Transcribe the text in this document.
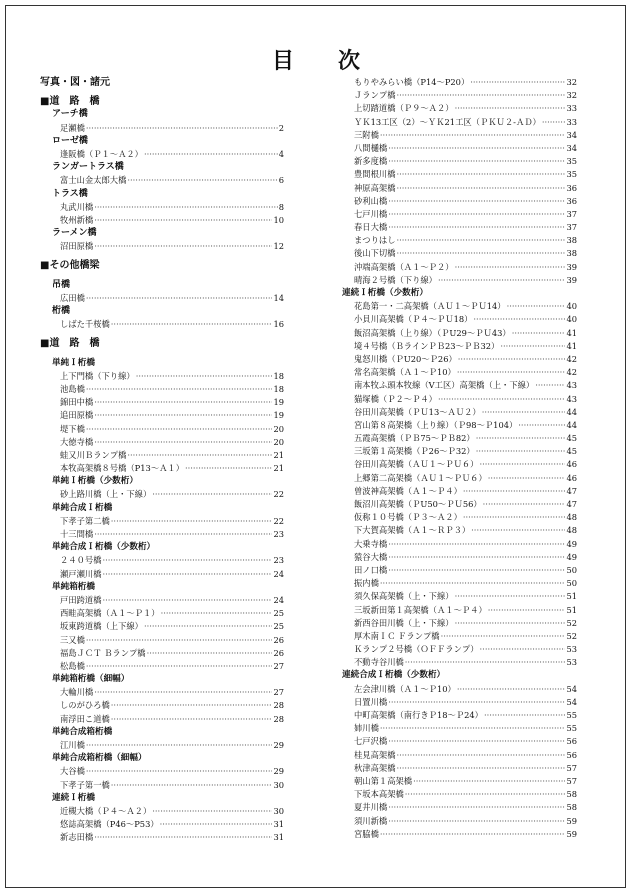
目 次
写真・図・諸元
■道　路　橋
アーチ橋
足瀬橋 ·····	2
ローゼ橋
逢阪橋（Ｐ１～Ａ２） ·····	4
ランガートラス橋
富士山金太郎大橋 ·····	6
トラス橋
丸武川橋 ·····	8
牧州新橋 ·····	10
ラーメン橋
沼田原橋 ·····	12
■その他橋梁
吊橋
広田橋 ·····	14
桁橋
しばた千桜橋 ·····	16
■道　路　橋
単純Ｉ桁橋
上下門橋（下り線） ·····	18
池島橋 ·····	18
錦田中橋 ·····	19
追田原橋 ·····	19
堤下橋 ·····	20
大徳寺橋 ·····	20
蛙又川Ｂランプ橋 ·····	21
本牧高架橋８号橋（P13～Ａ１） ·····	21
単純Ｉ桁橋（少数桁）
砂上路川橋（上・下線） ·····	22
単純合成Ｉ桁橋
下孝子第二橋 ·····	22
十三間橋 ·····	23
単純合成Ｉ桁橋（少数桁）
２４０号橋 ·····	23
瀬戸瀬川橋 ·····	24
単純箱桁橋
戸田跨道橋 ·····	24
西畦高架橋（Ａ１～Ｐ１） ·····	25
坂東跨道橋（上下線） ·····	25
三又橋 ·····	26
福島ＪＣＴ Ｂランプ橋 ·····	26
松島橋 ·····	27
単純箱桁橋（細幅）
大輪川橋 ·····	27
しのがひろ橋 ·····	28
南浮田こ道橋 ·····	28
単純合成箱桁橋
江川橋 ·····	29
単純合成箱桁橋（細幅）
大谷橋 ·····	29
下孝子第一橋 ·····	30
連続Ｉ桁橋
近槻大橋（Ｐ４～Ａ２） ·····	30
悠誌高架橋（P46～P53） ·····	31
新志田橋 ·····	31
もりやみらい橋（P14～P20） ·····	32
Ｊランプ橋 ·····	32
上切踏道橋（Ｐ９～Ａ２） ·····	33
ＹＫ13工区（2）～ＹＫ21工区（ＰＫＵ２-ＡＤ） ·····	33
三附橋 ·····	34
八間樋橋 ·····	34
新多度橋 ·····	35
豊間根川橋 ·····	35
神原高架橋 ·····	36
砂利山橋 ·····	36
七戸川橋 ·····	37
春日大橋 ·····	37
まつりはし ·····	38
後山下切橋 ·····	38
沖端高架橋（Ａ１～Ｐ２） ·····	39
晴海２号橋（下り線） ·····	39
連続Ｉ桁橋（少数桁）
花島第一・二高架橋（ＡＵ１～ＰＵ14） ·····	40
小貝川高架橋（Ｐ４～ＰＵ18） ·····	40
飯沼高架橋（上り線）（ＰU29～ＰＵ43） ·····	41
境４号橋（ＢラインＰＢ23～ＰＢ32） ·····	41
鬼怒川橋（ＰU20～Ｐ26） ·····	42
常名高架橋（Ａ１～Ｐ10） ·····	42
南本牧ふ頭本牧線（Ⅴ工区）高架橋（上・下線） ·····	43
猫塚橋（Ｐ２～Ｐ４） ·····	43
谷田川高架橋（ＰＵ13～ＡＵ２） ·····	44
宮山第８高架橋（上り線）（Ｐ98～Ｐ104） ·····	44
五霞高架橋（ＰＢ75～ＰＢ82） ·····	45
三坂第１高架橋（Ｐ26～Ｐ32） ·····	45
谷田川高架橋（ＡＵ１～ＰＵ６） ·····	46
上郷第二高架橋（ＡＵ１～ＰＵ６） ·····	46
曽波神高架橋（Ａ１～Ｐ４） ·····	47
飯沼川高架橋（ＰU50～ＰＵ56） ·····	47
仮称１０号橋（Ｐ３～Ａ２） ·····	48
下大賀高架橋（Ａ１～ＲＰ３） ·····	48
大乗寺橋 ·····	49
猿谷大橋 ·····	49
田ノ口橋 ·····	50
振内橋 ·····	50
須久保高架橋（上・下線） ·····	51
三坂新田第１高架橋（Ａ１～Ｐ４） ·····	51
新西谷田川橋（上・下線） ·····	52
厚木南ＩＣ Ｆランプ橋 ·····	52
Ｋランプ２号橋（ＯＦＦランプ） ·····	53
不動寺谷川橋 ·····	53
連続合成Ｉ桁橋（少数桁）
左会津川橋（Ａ１～Ｐ10） ·····	54
日置川橋 ·····	54
中町高架橋（南行きＰ18～Ｐ24） ·····	55
姉川橋 ·····	55
七戸沢橋 ·····	56
桂見高架橋 ·····	56
秋津高架橋 ·····	57
朝山第１高架橋 ·····	57
下坂本高架橋 ·····	58
夏井川橋 ·····	58
須川新橋 ·····	59
宮脇橋 ·····	59
